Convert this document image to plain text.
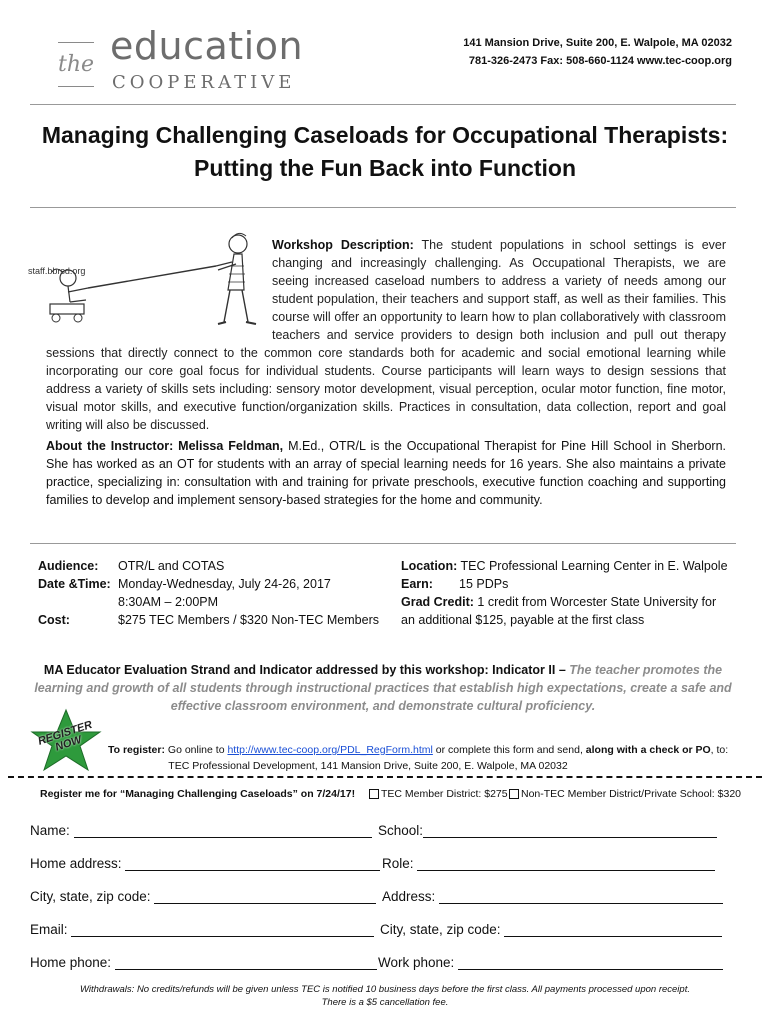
the education
COOPERATIVE
141 Mansion Drive, Suite 200, E. Walpole, MA 02032
781-326-2473 Fax: 508-660-1124 www.tec-coop.org
Managing Challenging Caseloads for Occupational Therapists:
Putting the Fun Back into Function
staff.bbrsd.org
Workshop Description: The student populations in school settings is ever changing and increasingly challenging. As Occupational Therapists, we are seeing increased caseload numbers to address a variety of needs among our student population, their teachers and support staff, as well as their families. This course will offer an opportunity to learn how to plan collaboratively with classroom teachers and service providers to design both inclusion and pull out therapy sessions that directly connect to the common core standards both for academic and social emotional learning while incorporating our core goal focus for individual students. Course participants will learn ways to design sessions that address a variety of skills sets including: sensory motor development, visual perception, ocular motor function, fine motor, visual motor skills, and executive function/organization skills. Practices in consultation, data collection, report and goal writing will also be discussed.
About the Instructor: Melissa Feldman, M.Ed., OTR/L is the Occupational Therapist for Pine Hill School in Sherborn. She has worked as an OT for students with an array of special learning needs for 16 years. She also maintains a private practice, specializing in: consultation with and training for private preschools, executive function coaching and supporting families to develop and implement sensory-based strategies for the home and community.
Audience: OTR/L and COTAS
Date &Time: Monday-Wednesday, July 24-26, 2017
8:30AM – 2:00PM
Cost:	$275 TEC Members / $320 Non-TEC Members
Location: TEC Professional Learning Center in E. Walpole
Earn: 15 PDPs
Grad Credit: 1 credit from Worcester State University for
an additional $125, payable at the first class
MA Educator Evaluation Strand and Indicator addressed by this workshop: Indicator II – The teacher promotes the
learning and growth of all students through instructional practices that establish high expectations, create a safe and
effective classroom environment, and demonstrate cultural proficiency.
REGISTER NOW	To register: Go online to http://www.tec-coop.org/PDL_RegForm.html or complete this form and send, along with a check or PO, to:
TEC Professional Development, 141 Mansion Drive, Suite 200, E. Walpole, MA 02032
Register me for “Managing Challenging Caseloads” on 7/24/17!	TEC Member District: $275	Non-TEC Member District/Private School: $320
Name:	School:
Home address:	Role:
City, state, zip code:	Address:
Email:	City, state, zip code:
Home phone:	Work phone:
Withdrawals: No credits/refunds will be given unless TEC is notified 10 business days before the first class. All payments processed upon receipt.
There is a $5 cancellation fee.
